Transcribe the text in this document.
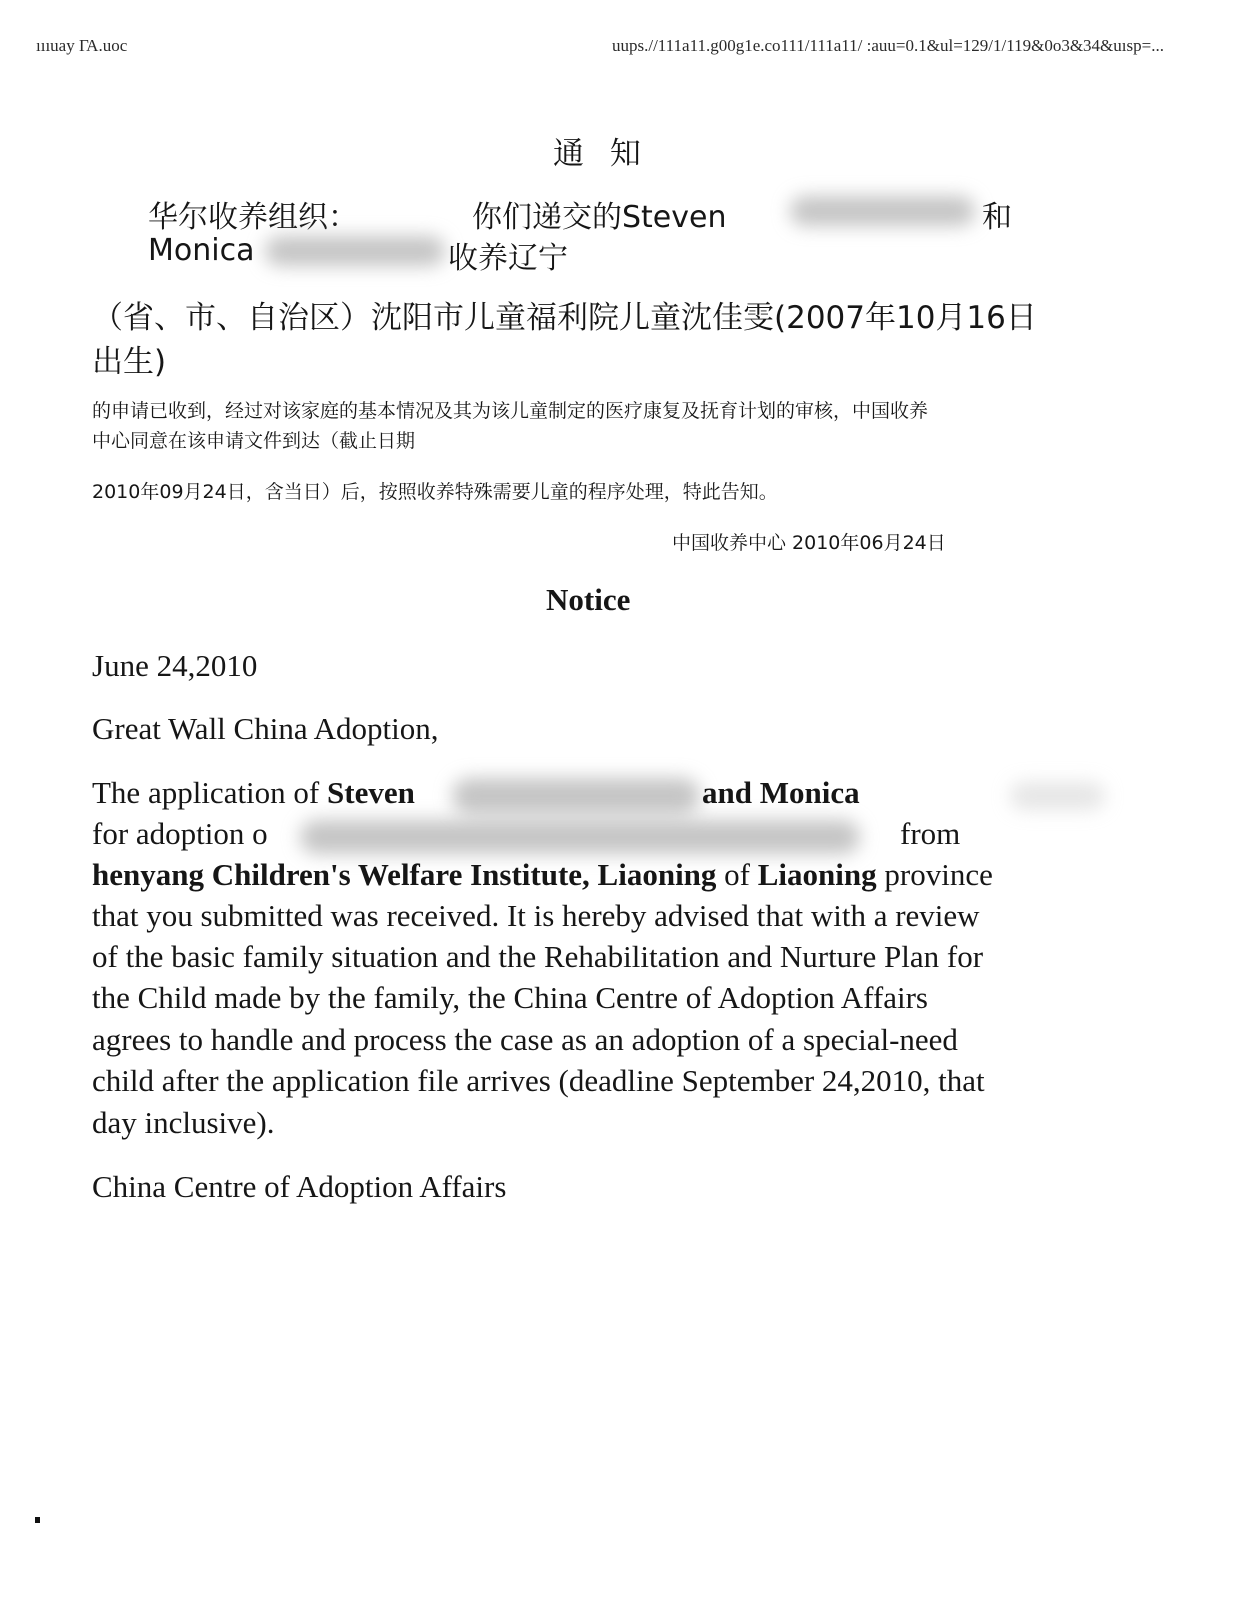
ıııuay ΓΑ.uoc	uups.//111a11.g00g1e.co111/111a11/ :auu=0.1&ul=129/1/119&0o3&34&uısp=...
通 知
华尔收养组织：	你们递交的Steven	和
Monica	收养辽宁
（省、市、自治区）沈阳市儿童福利院儿童沈佳雯(2007年10月16日
出生)
的申请已收到，经过对该家庭的基本情况及其为该儿童制定的医疗康复及抚育计划的审核，中国收养
中心同意在该申请文件到达（截止日期
2010年09月24日，含当日）后，按照收养特殊需要儿童的程序处理，特此告知。
中国收养中心 2010年06月24日
Notice
June 24,2010
Great Wall China Adoption,
The application of Steven	and Monica
for adoption o	from
henyang Children's Welfare Institute, Liaoning of Liaoning province
that you submitted was received. It is hereby advised that with a review
of the basic family situation and the Rehabilitation and Nurture Plan for
the Child made by the family, the China Centre of Adoption Affairs
agrees to handle and process the case as an adoption of a special-need
child after the application file arrives (deadline September 24,2010, that
day inclusive).
China Centre of Adoption Affairs
